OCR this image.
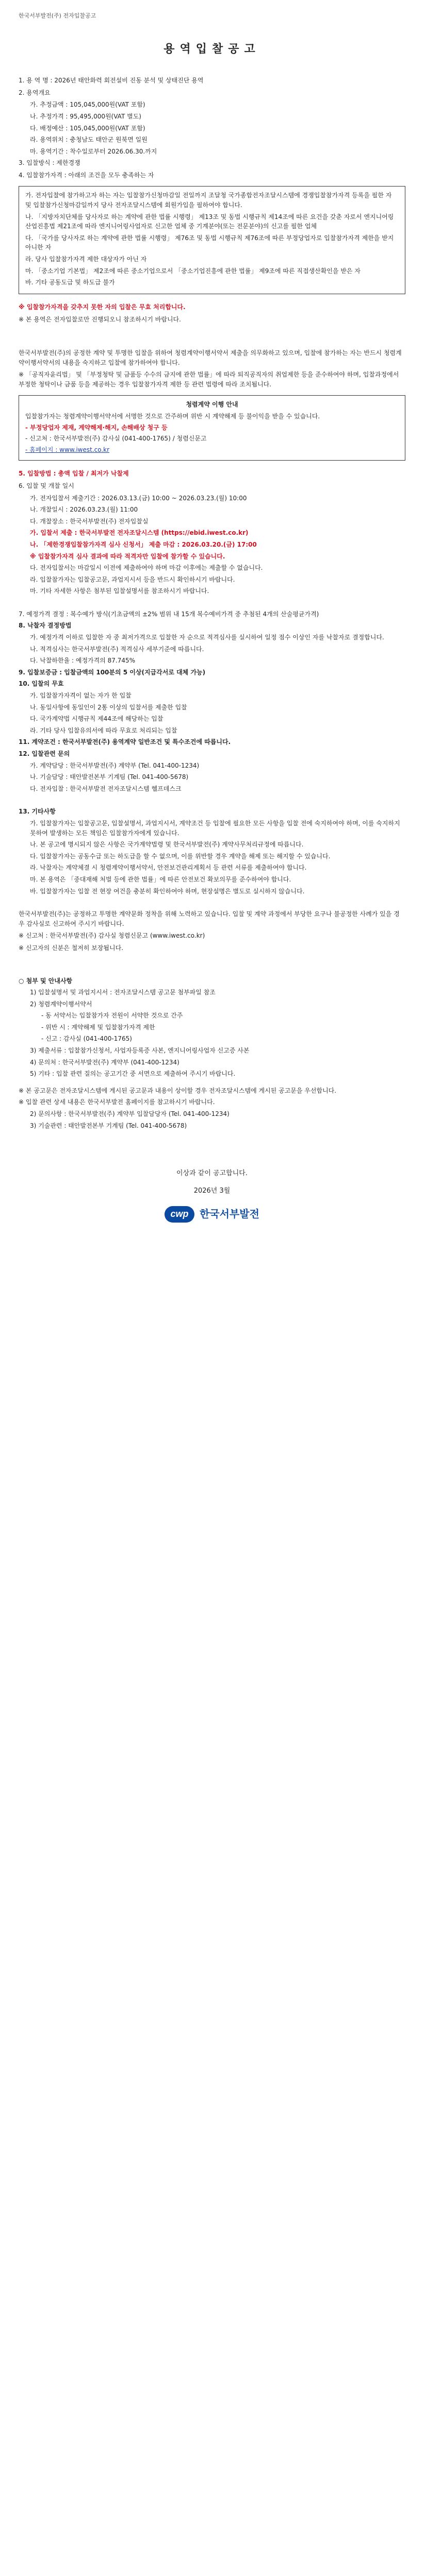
한국서부발전(주) 전자입찰공고
용역입찰공고
1. 용 역 명 : 2026년 태안화력 회전설비 진동 분석 및 상태진단 용역
2. 용역개요
가. 추정금액 : 105,045,000원(VAT 포함)
나. 추정가격 : 95,495,000원(VAT 별도)
다. 배정예산 : 105,045,000원(VAT 포함)
라. 용역위치 : 충청남도 태안군 원북면 일원
마. 용역기간 : 착수일로부터 2026.06.30.까지
3. 입찰방식 : 제한경쟁
4. 입찰참가자격 : 아래의 조건을 모두 충족하는 자
가. 전자입찰에 참가하고자 하는 자는 입찰참가신청마감일 전일까지 조달청 국가종합전자조달시스템에 경쟁입찰참가자격 등록을 필한 자 및 입찰참가신청마감일까지 당사 전자조달시스템에 회원가입을 필하여야 합니다.
나. 「지방자치단체를 당사자로 하는 계약에 관한 법률 시행령」 제13조 및 동법 시행규칙 제14조에 따른 요건을 갖춘 자로서 엔지니어링산업진흥법 제21조에 따라 엔지니어링사업자로 신고한 업체 중 기계분야(또는 전문분야)의 신고를 필한 업체
다. 「국가를 당사자로 하는 계약에 관한 법률 시행령」 제76조 및 동법 시행규칙 제76조에 따른 부정당업자로 입찰참가자격 제한을 받지 아니한 자
라. 당사 입찰참가자격 제한 대상자가 아닌 자
마. 「중소기업 기본법」 제2조에 따른 중소기업으로서 「중소기업진흥에 관한 법률」 제9조에 따른 직접생산확인을 받은 자
바. 기타 공동도급 및 하도급 불가
※ 입찰참가자격을 갖추지 못한 자의 입찰은 무효 처리합니다.
※ 본 용역은 전자입찰로만 진행되오니 참조하시기 바랍니다.
한국서부발전(주)의 공정한 계약 및 투명한 입찰을 위하여 청렴계약이행서약서 제출을 의무화하고 있으며, 입찰에 참가하는 자는 반드시 청렴계약이행서약서의 내용을 숙지하고 입찰에 참가하여야 합니다.
※ 「공직자윤리법」 및 「부정청탁 및 금품등 수수의 금지에 관한 법률」에 따라 퇴직공직자의 취업제한 등을 준수하여야 하며, 입찰과정에서 부정한 청탁이나 금품 등을 제공하는 경우 입찰참가자격 제한 등 관련 법령에 따라 조치됩니다.
청렴계약 이행 안내
입찰참가자는 청렴계약이행서약서에 서명한 것으로 간주하며 위반 시 계약해제 등 불이익을 받을 수 있습니다.
- 부정당업자 제재, 계약해제·해지, 손해배상 청구 등
- 신고처 : 한국서부발전(주) 감사실 (041-400-1765) / 청렴신문고
- 홈페이지 : www.iwest.co.kr
5. 입찰방법 : 총액 입찰 / 최저가 낙찰제
6. 입찰 및 개찰 일시
가. 전자입찰서 제출기간 : 2026.03.13.(금) 10:00 ~ 2026.03.23.(월) 10:00
나. 개찰일시 : 2026.03.23.(월) 11:00
다. 개찰장소 : 한국서부발전(주) 전자입찰실
가. 입찰서 제출 : 한국서부발전 전자조달시스템 (https://ebid.iwest.co.kr)
나. 「제한경쟁입찰참가자격 심사 신청서」 제출 마감 : 2026.03.20.(금) 17:00
※ 입찰참가자격 심사 결과에 따라 적격자만 입찰에 참가할 수 있습니다.
다. 전자입찰서는 마감일시 이전에 제출하여야 하며 마감 이후에는 제출할 수 없습니다.
라. 입찰참가자는 입찰공고문, 과업지시서 등을 반드시 확인하시기 바랍니다.
마. 기타 자세한 사항은 첨부된 입찰설명서를 참조하시기 바랍니다.
7. 예정가격 결정 : 복수예가 방식(기초금액의 ±2% 범위 내 15개 복수예비가격 중 추첨된 4개의 산술평균가격)
8. 낙찰자 결정방법
가. 예정가격 이하로 입찰한 자 중 최저가격으로 입찰한 자 순으로 적격심사를 실시하여 일정 점수 이상인 자를 낙찰자로 결정합니다.
나. 적격심사는 한국서부발전(주) 적격심사 세부기준에 따릅니다.
다. 낙찰하한율 : 예정가격의 87.745%
9. 입찰보증금 : 입찰금액의 100분의 5 이상(지급각서로 대체 가능)
10. 입찰의 무효
가. 입찰참가자격이 없는 자가 한 입찰
나. 동일사항에 동일인이 2통 이상의 입찰서를 제출한 입찰
다. 국가계약법 시행규칙 제44조에 해당하는 입찰
라. 기타 당사 입찰유의서에 따라 무효로 처리되는 입찰
11. 계약조건 : 한국서부발전(주) 용역계약 일반조건 및 특수조건에 따릅니다.
12. 입찰관련 문의
가. 계약담당 : 한국서부발전(주) 계약부 (Tel. 041-400-1234)
나. 기술담당 : 태안발전본부 기계팀 (Tel. 041-400-5678)
다. 전자입찰 : 한국서부발전 전자조달시스템 헬프데스크
13. 기타사항
가. 입찰참가자는 입찰공고문, 입찰설명서, 과업지시서, 계약조건 등 입찰에 필요한 모든 사항을 입찰 전에 숙지하여야 하며, 이를 숙지하지 못하여 발생하는 모든 책임은 입찰참가자에게 있습니다.
나. 본 공고에 명시되지 않은 사항은 국가계약법령 및 한국서부발전(주) 계약사무처리규정에 따릅니다.
다. 입찰참가자는 공동수급 또는 하도급을 할 수 없으며, 이를 위반할 경우 계약을 해제 또는 해지할 수 있습니다.
라. 낙찰자는 계약체결 시 청렴계약이행서약서, 안전보건관리계획서 등 관련 서류를 제출하여야 합니다.
마. 본 용역은 「중대재해 처벌 등에 관한 법률」에 따른 안전보건 확보의무를 준수하여야 합니다.
바. 입찰참가자는 입찰 전 현장 여건을 충분히 확인하여야 하며, 현장설명은 별도로 실시하지 않습니다.
한국서부발전(주)는 공정하고 투명한 계약문화 정착을 위해 노력하고 있습니다. 입찰 및 계약 과정에서 부당한 요구나 불공정한 사례가 있을 경우 감사실로 신고하여 주시기 바랍니다.
※ 신고처 : 한국서부발전(주) 감사실 청렴신문고 (www.iwest.co.kr)
※ 신고자의 신분은 철저히 보장됩니다.
○ 첨부 및 안내사항
1) 입찰설명서 및 과업지시서 : 전자조달시스템 공고문 첨부파일 참조
2) 청렴계약이행서약서
- 동 서약서는 입찰참가자 전원이 서약한 것으로 간주
- 위반 시 : 계약해제 및 입찰참가자격 제한
- 신고 : 감사실 (041-400-1765)
3) 제출서류 : 입찰참가신청서, 사업자등록증 사본, 엔지니어링사업자 신고증 사본
4) 문의처 : 한국서부발전(주) 계약부 (041-400-1234)
5) 기타 : 입찰 관련 질의는 공고기간 중 서면으로 제출하여 주시기 바랍니다.
※ 본 공고문은 전자조달시스템에 게시된 공고문과 내용이 상이할 경우 전자조달시스템에 게시된 공고문을 우선합니다.
※ 입찰 관련 상세 내용은 한국서부발전 홈페이지를 참고하시기 바랍니다.
2) 문의사항 : 한국서부발전(주) 계약부 입찰담당자 (Tel. 041-400-1234)
3) 기술관련 : 태안발전본부 기계팀 (Tel. 041-400-5678)
이상과 같이 공고합니다.
2026년 3월
cwp	한국서부발전
